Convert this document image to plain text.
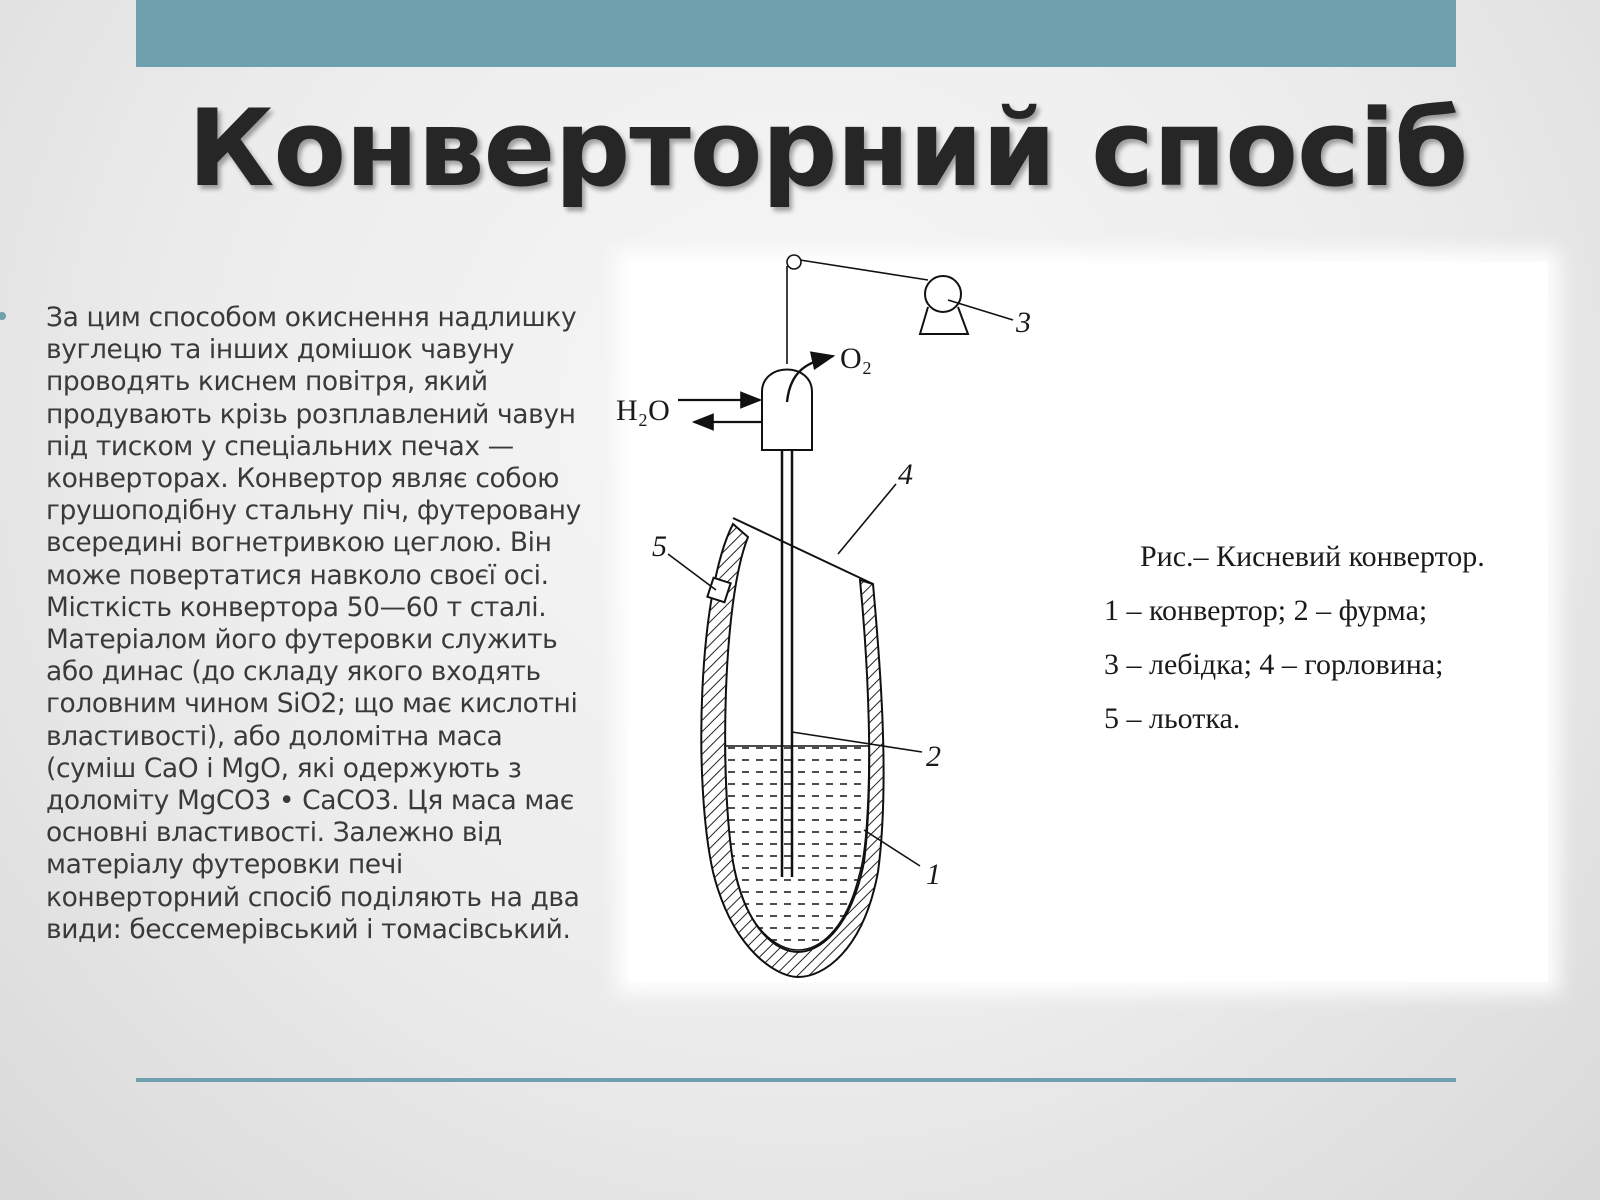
Конверторний спосіб
За цим способом окиснення надлишку
вуглецю та інших домішок чавуну
проводять киснем повітря, який
продувають крізь розплавлений чавун
під тиском у спеціальних печах —
конверторах. Конвертор являє собою
грушоподібну стальну піч, футеровану
всередині вогнетривкою цеглою. Він
може повертатися навколо своєї осі.
Місткість конвертора 50—60 т сталі.
Матеріалом його футеровки служить
або динас (до складу якого входять
головним чином SiO2; що має кислотні
властивості), або доломітна маса
(суміш CaO і MgO, які одержують з
доломіту MgCO3 • CaCO3. Ця маса має
основні властивості. Залежно від
матеріалу футеровки печі
конверторний спосіб поділяють на два
види: бессемерівський і томасівський.
H₂O
O₂
3
4
5
2
1
Рис.– Кисневий конвертор.
1 – конвертор; 2 – фурма;
3 – лебідка; 4 – горловина;
5 – льотка.
